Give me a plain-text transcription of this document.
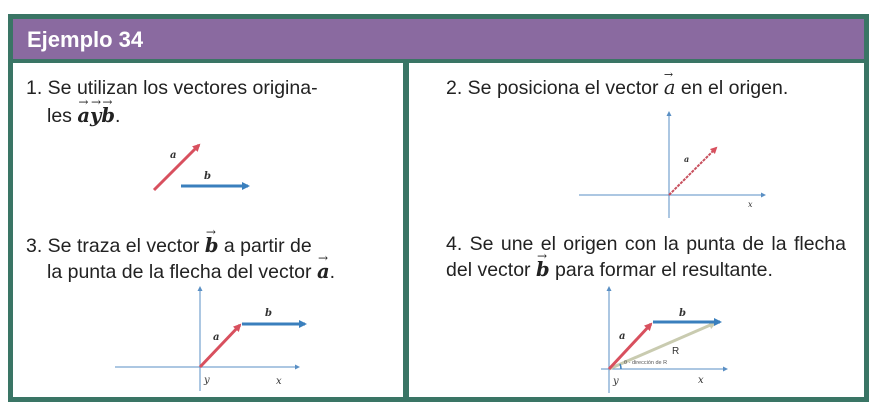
Ejemplo 34
1. Se utilizan los vectores origina-
les → a→ y→ b.
a
b
3. Se traza el vector → b a partir de
la punta de la flecha del vector → a.
a
b
x
y
2. Se posiciona el vector → a en el origen.
a
x
4. Se une el origen con la punta de la flecha del vector → b para formar el resultante.
a
b
R
θ - dirección de R
x
y
